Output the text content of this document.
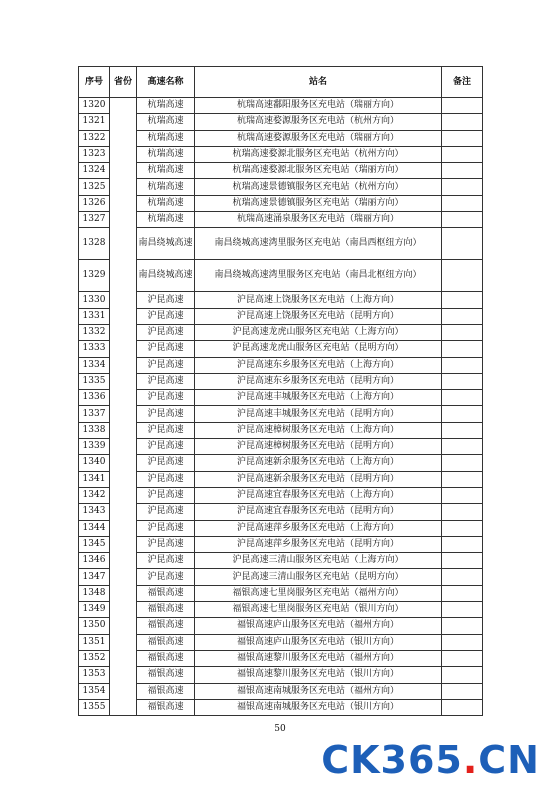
序号	省份	高速名称	站名	备注
1320		杭瑞高速	杭瑞高速鄱阳服务区充电站（瑞丽方向）	
1321		杭瑞高速	杭瑞高速婺源服务区充电站（杭州方向）	
1322		杭瑞高速	杭瑞高速婺源服务区充电站（瑞丽方向）	
1323		杭瑞高速	杭瑞高速婺源北服务区充电站（杭州方向）	
1324		杭瑞高速	杭瑞高速婺源北服务区充电站（瑞丽方向）	
1325		杭瑞高速	杭瑞高速景德镇服务区充电站（杭州方向）	
1326		杭瑞高速	杭瑞高速景德镇服务区充电站（瑞丽方向）	
1327		杭瑞高速	杭瑞高速涌泉服务区充电站（瑞丽方向）	
1328		南昌绕城高速	南昌绕城高速湾里服务区充电站（南昌西枢纽方向）	
1329		南昌绕城高速	南昌绕城高速湾里服务区充电站（南昌北枢纽方向）	
1330		沪昆高速	沪昆高速上饶服务区充电站（上海方向）	
1331		沪昆高速	沪昆高速上饶服务区充电站（昆明方向）	
1332		沪昆高速	沪昆高速龙虎山服务区充电站（上海方向）	
1333		沪昆高速	沪昆高速龙虎山服务区充电站（昆明方向）	
1334		沪昆高速	沪昆高速东乡服务区充电站（上海方向）	
1335		沪昆高速	沪昆高速东乡服务区充电站（昆明方向）	
1336		沪昆高速	沪昆高速丰城服务区充电站（上海方向）	
1337		沪昆高速	沪昆高速丰城服务区充电站（昆明方向）	
1338		沪昆高速	沪昆高速樟树服务区充电站（上海方向）	
1339		沪昆高速	沪昆高速樟树服务区充电站（昆明方向）	
1340		沪昆高速	沪昆高速新余服务区充电站（上海方向）	
1341		沪昆高速	沪昆高速新余服务区充电站（昆明方向）	
1342		沪昆高速	沪昆高速宜春服务区充电站（上海方向）	
1343		沪昆高速	沪昆高速宜春服务区充电站（昆明方向）	
1344		沪昆高速	沪昆高速萍乡服务区充电站（上海方向）	
1345		沪昆高速	沪昆高速萍乡服务区充电站（昆明方向）	
1346		沪昆高速	沪昆高速三清山服务区充电站（上海方向）	
1347		沪昆高速	沪昆高速三清山服务区充电站（昆明方向）	
1348		福银高速	福银高速七里岗服务区充电站（福州方向）	
1349		福银高速	福银高速七里岗服务区充电站（银川方向）	
1350		福银高速	福银高速庐山服务区充电站（福州方向）	
1351		福银高速	福银高速庐山服务区充电站（银川方向）	
1352		福银高速	福银高速黎川服务区充电站（福州方向）	
1353		福银高速	福银高速黎川服务区充电站（银川方向）	
1354		福银高速	福银高速南城服务区充电站（福州方向）	
1355		福银高速	福银高速南城服务区充电站（银川方向）	
50
CK365.CN
